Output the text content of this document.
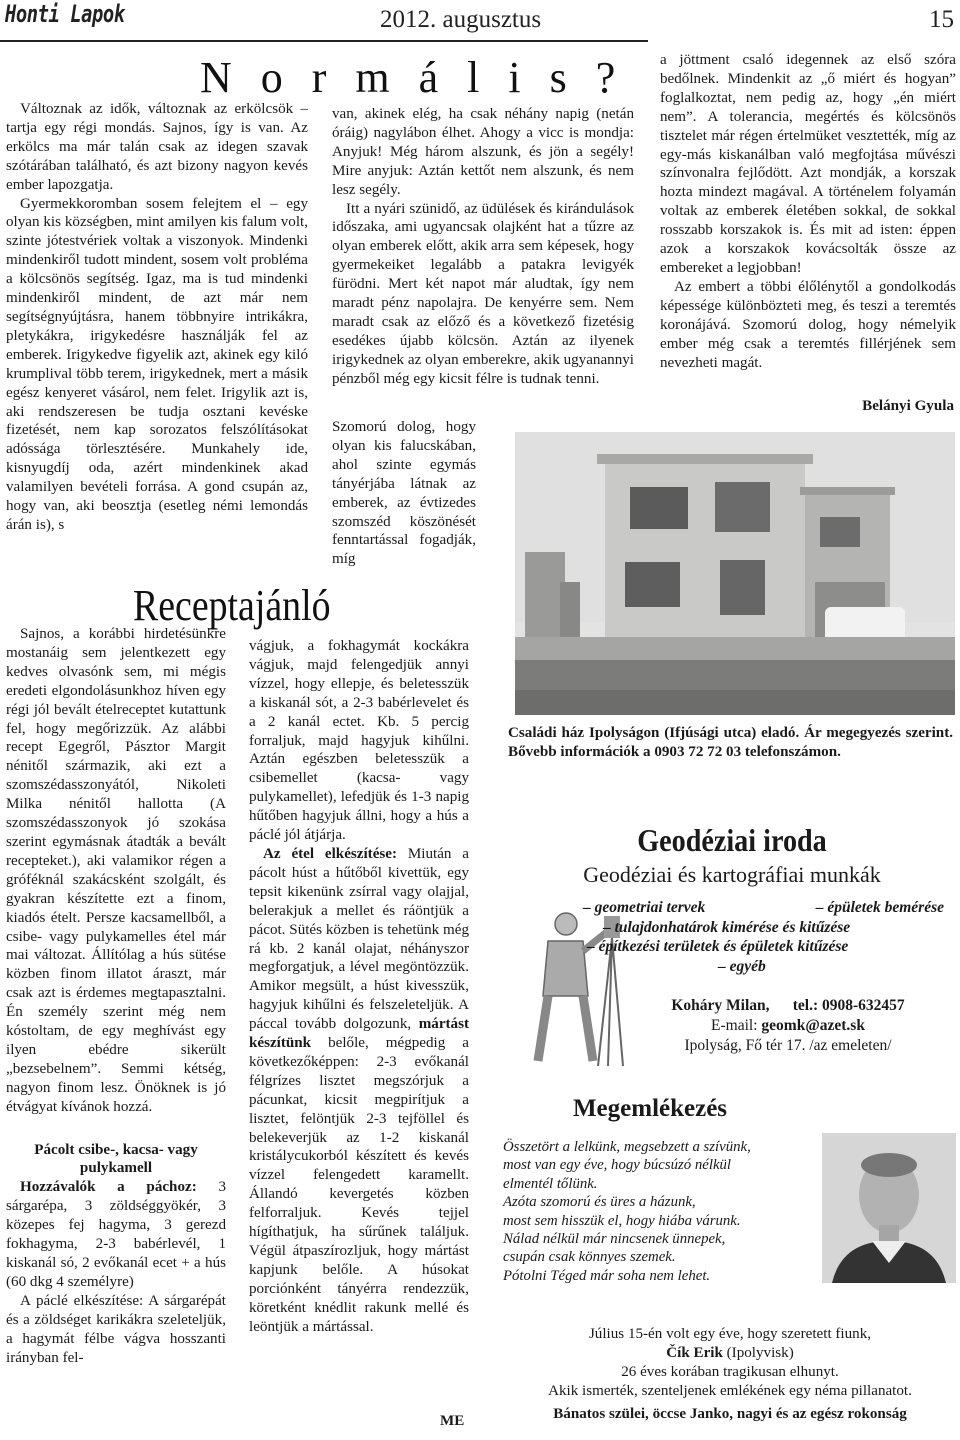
Honti Lapok	2012. augusztus	15
N o r m á l i s ?

Változnak az idők, változnak az erkölcsök – tartja egy régi mondás. Sajnos, így is van. Az erkölcs ma már talán csak az idegen szavak szótárában található, és azt bizony nagyon kevés ember lapozgatja.

Gyermekkoromban sosem felejtem el – egy olyan kis községben, mint amilyen kis falum volt, szinte jótestvériek voltak a viszonyok. Mindenki mindenkiről tudott mindent, sosem volt probléma a kölcsönös segítség. Igaz, ma is tud mindenki mindenkiről mindent, de azt már nem segítségnyújtásra, hanem többnyire intrikákra, pletykákra, irigykedésre használják fel az emberek. Irigykedve figyelik azt, akinek egy kiló krumplival több terem, irigykednek, mert a másik egész kenyeret vásárol, nem felet. Irigylik azt is, aki rendszeresen be tudja osztani kevéske fizetését, nem kap sorozatos felszólításokat adóssága törlesztésére. Munkahely ide, kisnyugdíj oda, azért mindenkinek akad valamilyen bevételi forrása. A gond csupán az, hogy van, aki beosztja (esetleg némi lemondás árán is), s

van, akinek elég, ha csak néhány napig (netán óráig) nagylábon élhet. Ahogy a vicc is mondja: Anyjuk! Még három alszunk, és jön a segély! Mire anyjuk: Aztán kettőt nem alszunk, és nem lesz segély.

Itt a nyári szünidő, az üdülések és kirándulások időszaka, ami ugyancsak olajként hat a tűzre az olyan emberek előtt, akik arra sem képesek, hogy gyermekeiket legalább a patakra levigyék fürödni. Mert két napot már aludtak, így nem maradt pénz napolajra. De kenyérre sem. Nem maradt csak az előző és a következő fizetésig esedékes újabb kölcsön. Aztán az ilyenek irigykednek az olyan emberekre, akik ugyanannyi pénzből még egy kicsit félre is tudnak tenni.

Szomorú dolog, hogy olyan kis falucskában, ahol szinte egymás tányérjába látnak az emberek, az évtizedes szomszéd köszönését fenntartással fogadják, míg

a jöttment csaló idegennek az első szóra bedőlnek. Mindenkit az „ő miért és hogyan” foglalkoztat, nem pedig az, hogy „én miért nem”. A tolerancia, megértés és kölcsönös tisztelet már régen értelmüket vesztették, míg az egy-más kiskanálban való megfojtása művészi színvonalra fejlődött. Azt mondják, a korszak hozta mindezt magával. A történelem folyamán voltak az emberek életében sokkal, de sokkal rosszabb korszakok is. És mit ad isten: éppen azok a korszakok kovácsolták össze az embereket a legjobban!

Az embert a többi élőlénytől a gondolkodás képessége különbözteti meg, és teszi a teremtés koronájává. Szomorú dolog, hogy némelyik ember még csak a teremtés fillérjének sem nevezheti magát.

Belányi Gyula
Családi ház Ipolyságon (Ifjúsági utca) eladó. Ár megegyezés szerint. Bővebb információk a 0903 72 72 03 telefonszámon.
Receptajánló

Sajnos, a korábbi hirdetésünkre mostanáig sem jelentkezett egy kedves olvasónk sem, mi mégis eredeti elgondolásunkhoz híven egy régi jól bevált ételreceptet kutattunk fel, hogy megőrizzük. Az alábbi recept Egegről, Pásztor Margit nénitől származik, aki ezt a szomszédasszonyától, Nikoleti Milka nénitől hallotta (A szomszédasszonyok jó szokása szerint egymásnak átadták a bevált recepteket.), aki valamikor régen a gróféknál szakácsként szolgált, és gyakran készítette ezt a finom, kiadós ételt. Persze kacsamellből, a csibe- vagy pulykamelles étel már mai változat. Állítólag a hús sütése közben finom illatot áraszt, már csak azt is érdemes megtapasztalni. Én személy szerint még nem kóstoltam, de egy meghívást egy ilyen ebédre sikerült „bezsebelnem”. Semmi kétség, nagyon finom lesz. Önöknek is jó étvágyat kívánok hozzá.

Pácolt csibe-, kacsa- vagy pulykamell

Hozzávalók a páchoz: 3 sárgarépa, 3 zöldséggyökér, 3 közepes fej hagyma, 3 gerezd fokhagyma, 2-3 babérlevél, 1 kiskanál só, 2 evőkanál ecet + a hús (60 dkg 4 személyre)

A páclé elkészítése: A sárgarépát és a zöldséget karikákra szeleteljük, a hagymát félbe vágva hosszanti irányban fel-

vágjuk, a fokhagymát kockákra vágjuk, majd felengedjük annyi vízzel, hogy ellepje, és beletesszük a kiskanál sót, a 2-3 babérlevelet és a 2 kanál ectet. Kb. 5 percig forraljuk, majd hagyjuk kihűlni. Aztán egészben beletesszük a csibemellet (kacsa- vagy pulykamellet), lefedjük és 1-3 napig hűtőben hagyjuk állni, hogy a hús a páclé jól átjárja.

Az étel elkészítése: Miután a pácolt húst a hűtőből kivettük, egy tepsit kikenünk zsírral vagy olajjal, belerakjuk a mellet és ráöntjük a pácot. Sütés közben is tehetünk még rá kb. 2 kanál olajat, néhányszor megforgatjuk, a lével megöntözzük. Amikor megsült, a húst kivesszük, hagyjuk kihűlni és felszeleteljük. A páccal tovább dolgozunk, mártást készítünk belőle, mégpedig a következőképpen: 2-3 evőkanál félgrízes lisztet megszórjuk a pácunkat, kicsit megpirítjuk a lisztet, felöntjük 2-3 tejföllel és belekeverjük az 1-2 kiskanál kristálycukorból készített és kevés vízzel felengedett karamellt. Állandó kevergetés közben felforraljuk. Kevés tejjel hígíthatjuk, ha sűrűnek találjuk. Végül átpaszírozljuk, hogy mártást kapjunk belőle. A húsokat porciónként tányérra rendezzük, köretként knédlit rakunk mellé és leöntjük a mártással.

ME
Geodéziai iroda
Geodéziai és kartográfiai munkák
– geometriai tervek	– épületek bemérése
– tulajdonhatárok kimérése és kitűzése
– építkezési területek és épületek kitűzése
– egyéb
Koháry Milan, tel.: 0908-632457
E-mail: geomk@azet.sk
Ipolyság, Fő tér 17. /az emeleten/
Megemlékezés
Összetört a lelkünk, megsebzett a szívünk,
most van egy éve, hogy búcsúzó nélkül
elmentél tőlünk.
Azóta szomorú és üres a házunk,
most sem hisszük el, hogy hiába várunk.
Nálad nélkül már nincsenek ünnepek,
csupán csak könnyes szemek.
Pótolni Téged már soha nem lehet.
Július 15-én volt egy éve, hogy szeretett fiunk,
Čík Erik (Ipolyvisk)
26 éves korában tragikusan elhunyt.
Akik ismerték, szenteljenek emlékének egy néma pillanatot.
Bánatos szülei, öccse Janko, nagyi és az egész rokonság
